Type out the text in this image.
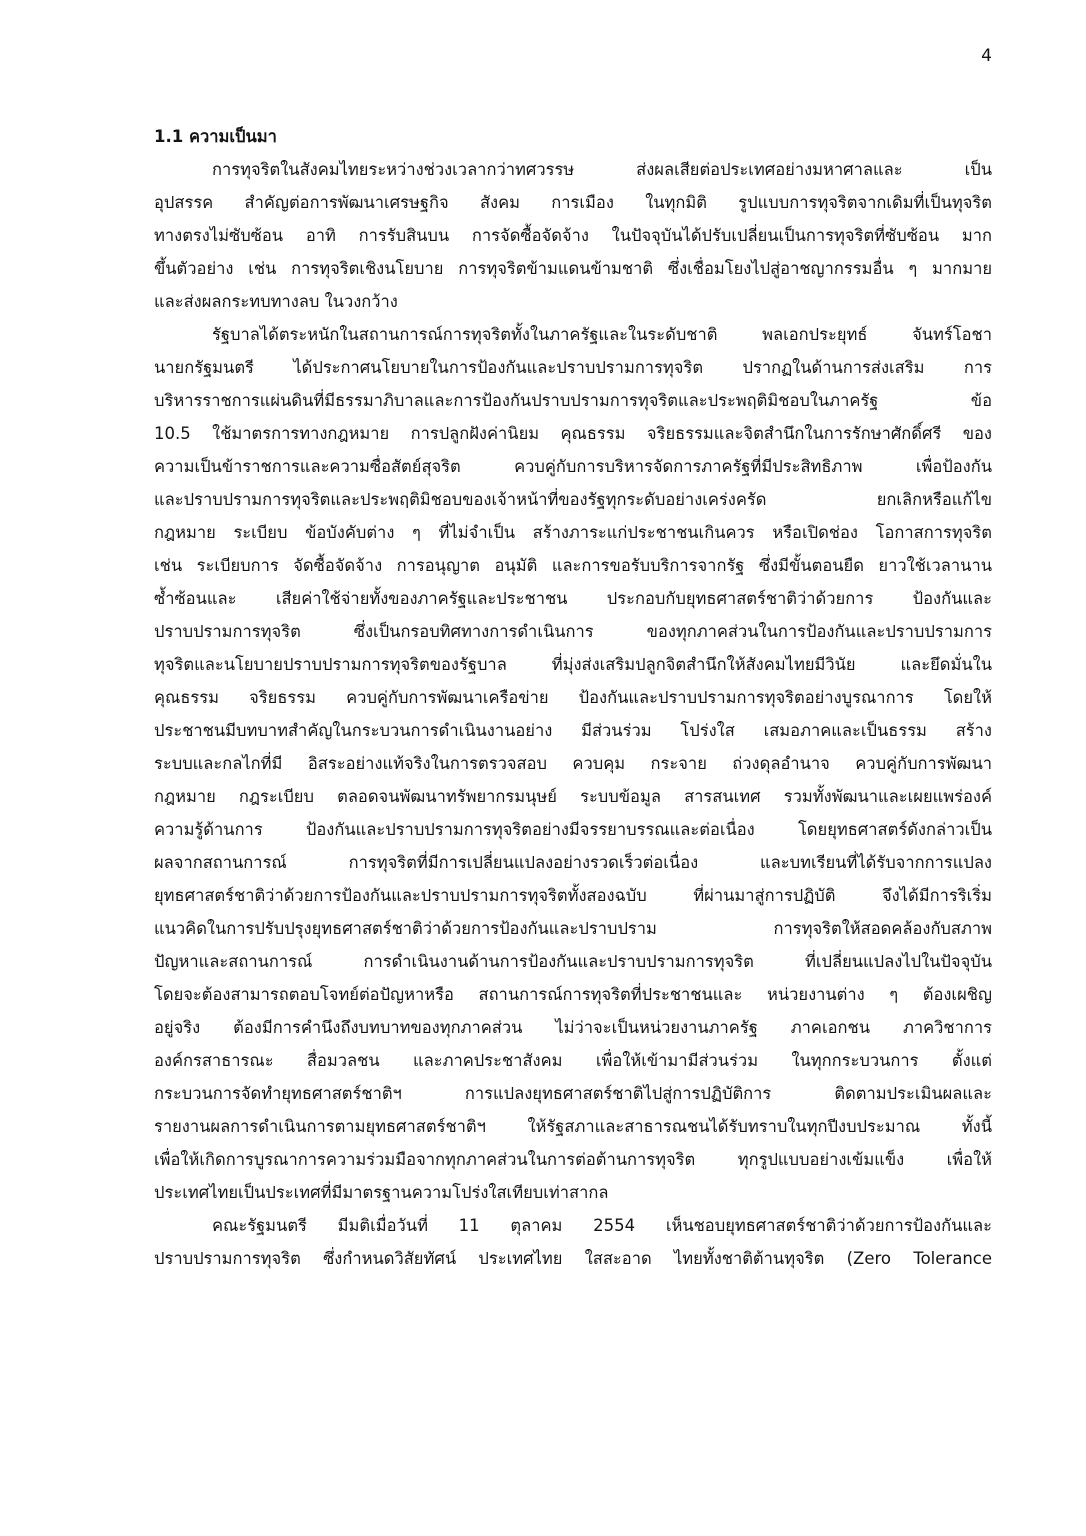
4
1.1 ความเป็นมา
การทุจริตในสังคมไทยระหว่างช่วงเวลากว่าทศวรรษ ส่งผลเสียต่อประเทศอย่างมหาศาลและ เป็น
อุปสรรค สำคัญต่อการพัฒนาเศรษฐกิจ สังคม การเมือง ในทุกมิติ รูปแบบการทุจริตจากเดิมที่เป็นทุจริต
ทางตรงไม่ซับซ้อน อาทิ การรับสินบน การจัดซื้อจัดจ้าง ในปัจจุบันได้ปรับเปลี่ยนเป็นการทุจริตที่ซับซ้อน มาก
ขึ้นตัวอย่าง เช่น การทุจริตเชิงนโยบาย การทุจริตข้ามแดนข้ามชาติ ซึ่งเชื่อมโยงไปสู่อาชญากรรมอื่น ๆ มากมาย
และส่งผลกระทบทางลบ ในวงกว้าง
รัฐบาลได้ตระหนักในสถานการณ์การทุจริตทั้งในภาครัฐและในระดับชาติ พลเอกประยุทธ์ จันทร์โอชา
นายกรัฐมนตรี ได้ประกาศนโยบายในการป้องกันและปราบปรามการทุจริต ปรากฏในด้านการส่งเสริม การ
บริหารราชการแผ่นดินที่มีธรรมาภิบาลและการป้องกันปราบปรามการทุจริตและประพฤติมิชอบในภาครัฐ ข้อ
10.5 ใช้มาตรการทางกฎหมาย การปลูกฝังค่านิยม คุณธรรม จริยธรรมและจิตสำนึกในการรักษาศักดิ์ศรี ของ
ความเป็นข้าราชการและความซื่อสัตย์สุจริต ควบคู่กับการบริหารจัดการภาครัฐที่มีประสิทธิภาพ เพื่อป้องกัน
และปราบปรามการทุจริตและประพฤติมิชอบของเจ้าหน้าที่ของรัฐทุกระดับอย่างเคร่งครัด ยกเลิกหรือแก้ไข
กฎหมาย ระเบียบ ข้อบังคับต่าง ๆ ที่ไม่จำเป็น สร้างภาระแก่ประชาชนเกินควร หรือเปิดช่อง โอกาสการทุจริต
เช่น ระเบียบการ จัดซื้อจัดจ้าง การอนุญาต อนุมัติ และการขอรับบริการจากรัฐ ซึ่งมีขั้นตอนยืด ยาวใช้เวลานาน
ซ้ำซ้อนและ เสียค่าใช้จ่ายทั้งของภาครัฐและประชาชน ประกอบกับยุทธศาสตร์ชาติว่าด้วยการ ป้องกันและ
ปราบปรามการทุจริต ซึ่งเป็นกรอบทิศทางการดำเนินการ ของทุกภาคส่วนในการป้องกันและปราบปรามการ
ทุจริตและนโยบายปราบปรามการทุจริตของรัฐบาล ที่มุ่งส่งเสริมปลูกจิตสำนึกให้สังคมไทยมีวินัย และยึดมั่นใน
คุณธรรม จริยธรรม ควบคู่กับการพัฒนาเครือข่าย ป้องกันและปราบปรามการทุจริตอย่างบูรณาการ โดยให้
ประชาชนมีบทบาทสำคัญในกระบวนการดำเนินงานอย่าง มีส่วนร่วม โปร่งใส เสมอภาคและเป็นธรรม สร้าง
ระบบและกลไกที่มี อิสระอย่างแท้จริงในการตรวจสอบ ควบคุม กระจาย ถ่วงดุลอำนาจ ควบคู่กับการพัฒนา
กฎหมาย กฎระเบียบ ตลอดจนพัฒนาทรัพยากรมนุษย์ ระบบข้อมูล สารสนเทศ รวมทั้งพัฒนาและเผยแพร่องค์
ความรู้ด้านการ ป้องกันและปราบปรามการทุจริตอย่างมีจรรยาบรรณและต่อเนื่อง โดยยุทธศาสตร์ดังกล่าวเป็น
ผลจากสถานการณ์ การทุจริตที่มีการเปลี่ยนแปลงอย่างรวดเร็วต่อเนื่อง และบทเรียนที่ได้รับจากการแปลง
ยุทธศาสตร์ชาติว่าด้วยการป้องกันและปราบปรามการทุจริตทั้งสองฉบับ ที่ผ่านมาสู่การปฏิบัติ จึงได้มีการริเริ่ม
แนวคิดในการปรับปรุงยุทธศาสตร์ชาติว่าด้วยการป้องกันและปราบปราม การทุจริตให้สอดคล้องกับสภาพ
ปัญหาและสถานการณ์ การดำเนินงานด้านการป้องกันและปราบปรามการทุจริต ที่เปลี่ยนแปลงไปในปัจจุบัน
โดยจะต้องสามารถตอบโจทย์ต่อปัญหาหรือ สถานการณ์การทุจริตที่ประชาชนและ หน่วยงานต่าง ๆ ต้องเผชิญ
อยู่จริง ต้องมีการคำนึงถึงบทบาทของทุกภาคส่วน ไม่ว่าจะเป็นหน่วยงานภาครัฐ ภาคเอกชน ภาควิชาการ
องค์กรสาธารณะ สื่อมวลชน และภาคประชาสังคม เพื่อให้เข้ามามีส่วนร่วม ในทุกกระบวนการ ตั้งแต่
กระบวนการจัดทำยุทธศาสตร์ชาติฯ การแปลงยุทธศาสตร์ชาติไปสู่การปฏิบัติการ ติดตามประเมินผลและ
รายงานผลการดำเนินการตามยุทธศาสตร์ชาติฯ ให้รัฐสภาและสาธารณชนได้รับทราบในทุกปีงบประมาณ ทั้งนี้
เพื่อให้เกิดการบูรณาการความร่วมมือจากทุกภาคส่วนในการต่อต้านการทุจริต ทุกรูปแบบอย่างเข้มแข็ง เพื่อให้
ประเทศไทยเป็นประเทศที่มีมาตรฐานความโปร่งใสเทียบเท่าสากล
คณะรัฐมนตรี มีมติเมื่อวันที่ 11 ตุลาคม 2554 เห็นชอบยุทธศาสตร์ชาติว่าด้วยการป้องกันและ
ปราบปรามการทุจริต ซึ่งกำหนดวิสัยทัศน์ ประเทศไทย ใสสะอาด ไทยทั้งชาติต้านทุจริต (Zero Tolerance
